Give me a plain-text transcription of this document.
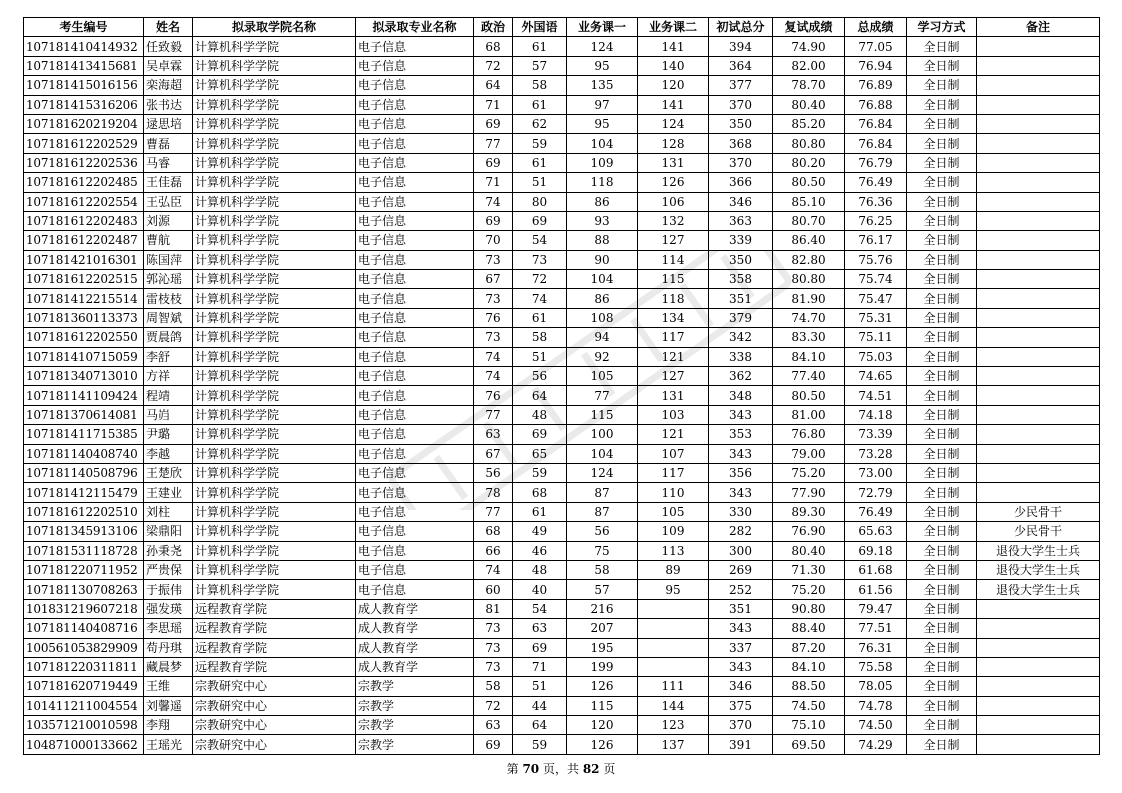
考生编号	姓名	拟录取学院名称	拟录取专业名称	政治	外国语	业务课一	业务课二	初试总分	复试成绩	总成绩	学习方式	备注
107181410414932	任致毅	计算机科学学院	电子信息	68	61	124	141	394	74.90	77.05	全日制	
107181413415681	吴卓霖	计算机科学学院	电子信息	72	57	95	140	364	82.00	76.94	全日制	
107181415016156	栾海超	计算机科学学院	电子信息	64	58	135	120	377	78.70	76.89	全日制	
107181415316206	张书达	计算机科学学院	电子信息	71	61	97	141	370	80.40	76.88	全日制	
107181620219204	逯思培	计算机科学学院	电子信息	69	62	95	124	350	85.20	76.84	全日制	
107181612202529	曹磊	计算机科学学院	电子信息	77	59	104	128	368	80.80	76.84	全日制	
107181612202536	马睿	计算机科学学院	电子信息	69	61	109	131	370	80.20	76.79	全日制	
107181612202485	王佳磊	计算机科学学院	电子信息	71	51	118	126	366	80.50	76.49	全日制	
107181612202554	王弘臣	计算机科学学院	电子信息	74	80	86	106	346	85.10	76.36	全日制	
107181612202483	刘源	计算机科学学院	电子信息	69	69	93	132	363	80.70	76.25	全日制	
107181612202487	曹航	计算机科学学院	电子信息	70	54	88	127	339	86.40	76.17	全日制	
107181421016301	陈国萍	计算机科学学院	电子信息	73	73	90	114	350	82.80	75.76	全日制	
107181612202515	郭沁瑶	计算机科学学院	电子信息	67	72	104	115	358	80.80	75.74	全日制	
107181412215514	雷枝枝	计算机科学学院	电子信息	73	74	86	118	351	81.90	75.47	全日制	
107181360113373	周智斌	计算机科学学院	电子信息	76	61	108	134	379	74.70	75.31	全日制	
107181612202550	贾晨鸽	计算机科学学院	电子信息	73	58	94	117	342	83.30	75.11	全日制	
107181410715059	李舒	计算机科学学院	电子信息	74	51	92	121	338	84.10	75.03	全日制	
107181340713010	方祥	计算机科学学院	电子信息	74	56	105	127	362	77.40	74.65	全日制	
107181141109424	程靖	计算机科学学院	电子信息	76	64	77	131	348	80.50	74.51	全日制	
107181370614081	马岿	计算机科学学院	电子信息	77	48	115	103	343	81.00	74.18	全日制	
107181411715385	尹璐	计算机科学学院	电子信息	63	69	100	121	353	76.80	73.39	全日制	
107181140408740	李越	计算机科学学院	电子信息	67	65	104	107	343	79.00	73.28	全日制	
107181140508796	王楚欣	计算机科学学院	电子信息	56	59	124	117	356	75.20	73.00	全日制	
107181412115479	王建业	计算机科学学院	电子信息	78	68	87	110	343	77.90	72.79	全日制	
107181612202510	刘柱	计算机科学学院	电子信息	77	61	87	105	330	89.30	76.49	全日制	少民骨干
107181345913106	梁鼎阳	计算机科学学院	电子信息	68	49	56	109	282	76.90	65.63	全日制	少民骨干
107181531118728	孙秉尧	计算机科学学院	电子信息	66	46	75	113	300	80.40	69.18	全日制	退役大学生士兵
107181220711952	严贵保	计算机科学学院	电子信息	74	48	58	89	269	71.30	61.68	全日制	退役大学生士兵
107181130708263	于振伟	计算机科学学院	电子信息	60	40	57	95	252	75.20	61.56	全日制	退役大学生士兵
101831219607218	强发瑛	远程教育学院	成人教育学	81	54	216		351	90.80	79.47	全日制	
107181140408716	李思瑶	远程教育学院	成人教育学	73	63	207		343	88.40	77.51	全日制	
100561053829909	苟丹琪	远程教育学院	成人教育学	73	69	195		337	87.20	76.31	全日制	
107181220311811	藏晨梦	远程教育学院	成人教育学	73	71	199		343	84.10	75.58	全日制	
107181620719449	王维	宗教研究中心	宗教学	58	51	126	111	346	88.50	78.05	全日制	
101411211004554	刘馨遥	宗教研究中心	宗教学	72	44	115	144	375	74.50	74.78	全日制	
103571210010598	李翔	宗教研究中心	宗教学	63	64	120	123	370	75.10	74.50	全日制	
104871000133662	王瑶光	宗教研究中心	宗教学	69	59	126	137	391	69.50	74.29	全日制	
第 70 页，共 82 页
